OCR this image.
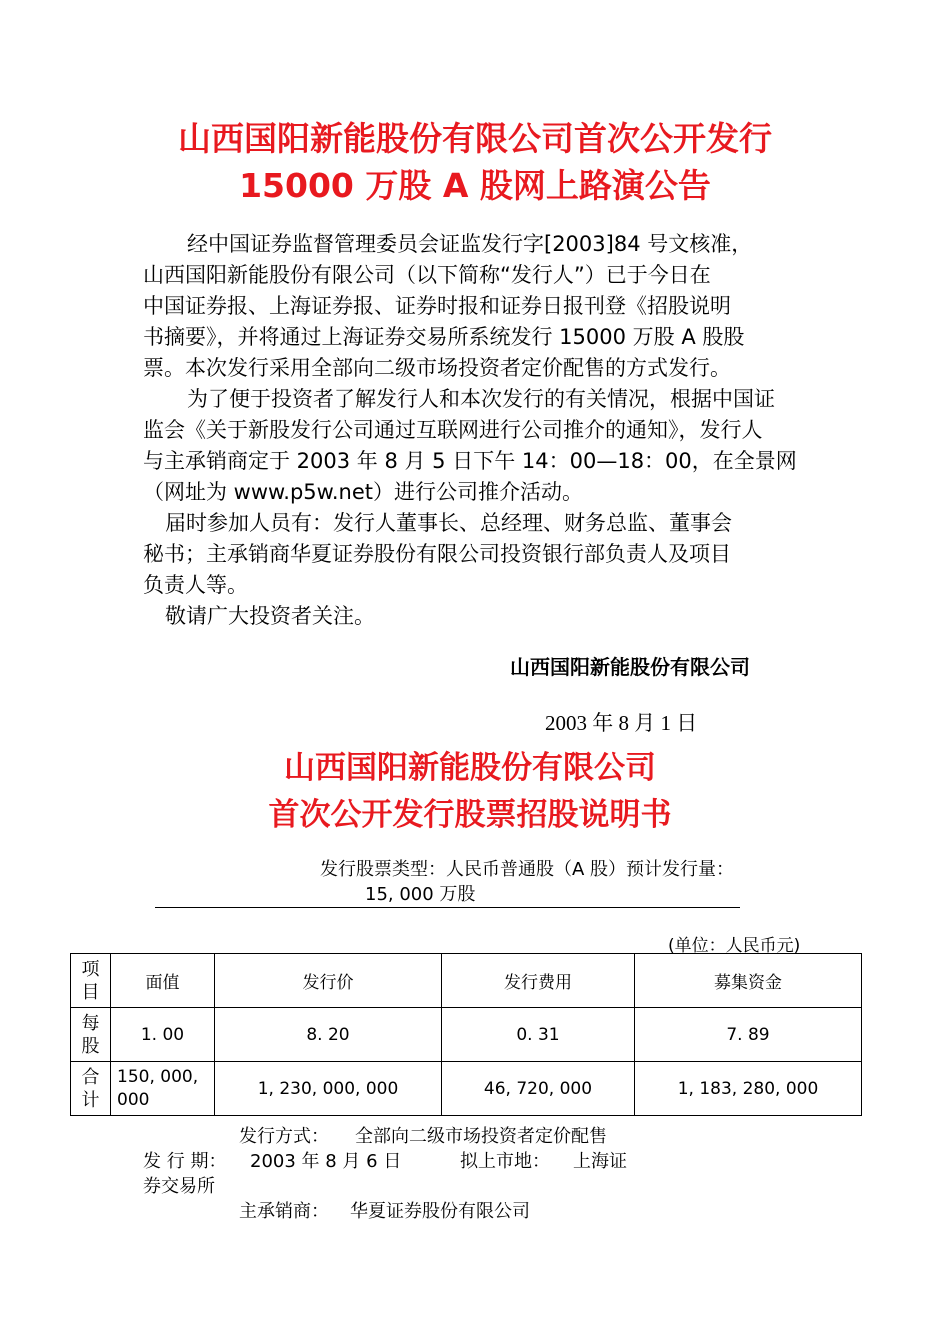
山西国阳新能股份有限公司首次公开发行
15000 万股 A 股网上路演公告

经中国证券监督管理委员会证监发行字[2003]84 号文核准，

山西国阳新能股份有限公司（以下简称“发行人”）已于今日在

中国证券报、上海证券报、证券时报和证券日报刊登《招股说明

书摘要》，并将通过上海证券交易所系统发行 15000 万股 A 股股

票。本次发行采用全部向二级市场投资者定价配售的方式发行。

为了便于投资者了解发行人和本次发行的有关情况，根据中国证

监会《关于新股发行公司通过互联网进行公司推介的通知》，发行人

与主承销商定于 2003 年 8 月 5 日下午 14：00—18：00，在全景网

（网址为 www.p5w.net）进行公司推介活动。

届时参加人员有：发行人董事长、总经理、财务总监、董事会

秘书；主承销商华夏证券股份有限公司投资银行部负责人及项目

负责人等。

敬请广大投资者关注。

山西国阳新能股份有限公司
2003 年 8 月 1 日
山西国阳新能股份有限公司
首次公开发行股票招股说明书
发行股票类型：人民币普通股（A 股）预计发行量：
15, 000 万股
(单位：人民币元)
项目	面值	发行价	发行费用	募集资金
每股	1. 00	8. 20	0. 31	7. 89
合计	150, 000, 000	1, 230, 000, 000	46, 720, 000	1, 183, 280, 000
发行方式： 全部向二级市场投资者定价配售
发 行 期： 2003 年 8 月 6 日	拟上市地： 上海证
券交易所
主承销商： 华夏证券股份有限公司
